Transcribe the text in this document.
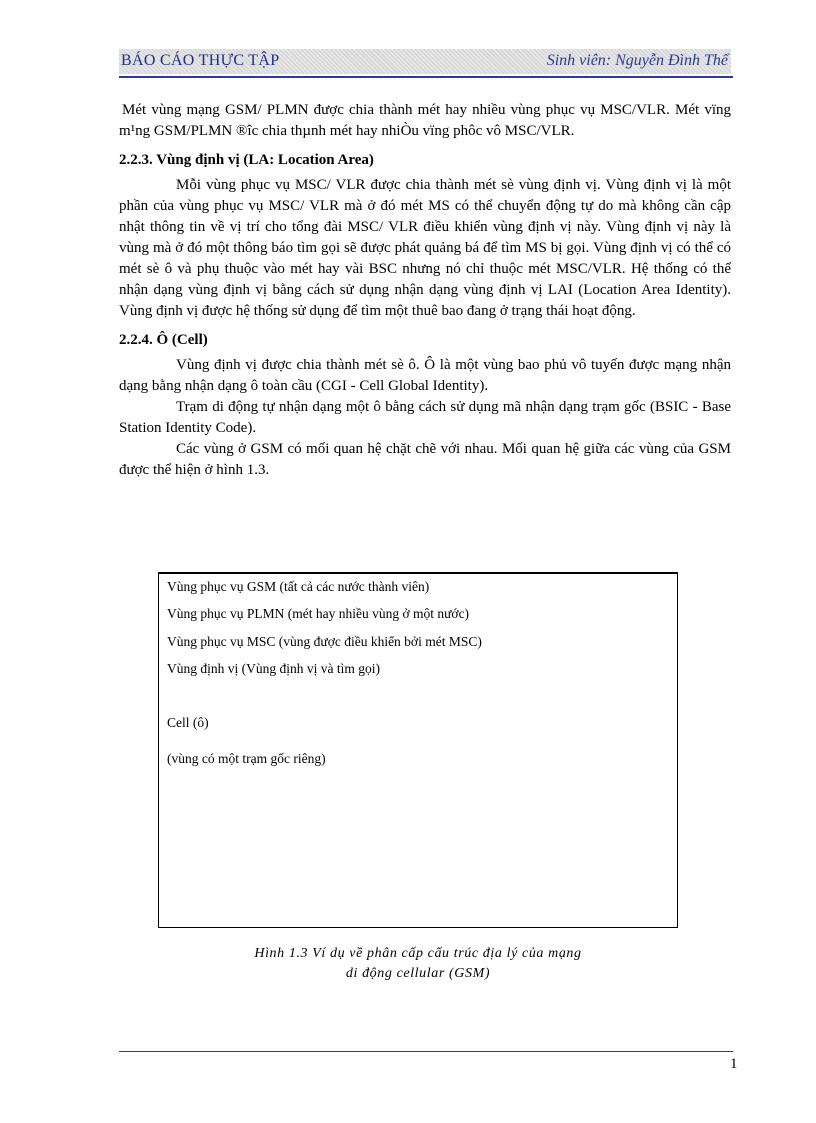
BÁO CÁO THỰC TẬP	Sinh viên: Nguyễn Đình Thể

Mét vùng mạng GSM/ PLMN được chia thành mét hay nhiều vùng phục vụ MSC/VLR. Mét vïng m¹ng GSM/PLMN ®îc chia thµnh mét hay nhiÒu vïng phôc vô MSC/VLR.

2.2.3. Vùng định vị (LA: Location Area)

Mỗi vùng phục vụ MSC/ VLR được chia thành mét sè vùng định vị. Vùng định vị là một phần của vùng phục vụ MSC/ VLR mà ở đó mét MS có thể chuyển động tự do mà không cần cập nhật thông tin về vị trí cho tổng đài MSC/ VLR điều khiển vùng định vị này. Vùng định vị này là vùng mà ở đó một thông báo tìm gọi sẽ được phát quảng bá để tìm MS bị gọi. Vùng định vị có thể có mét sè ô và phụ thuộc vào mét hay vài BSC nhưng nó chỉ thuộc mét MSC/VLR. Hệ thống có thể nhận dạng vùng định vị bằng cách sử dụng nhận dạng vùng định vị LAI (Location Area Identity). Vùng định vị được hệ thống sử dụng để tìm một thuê bao đang ở trạng thái hoạt động.

2.2.4. Ô (Cell)

Vùng định vị được chia thành mét sè ô. Ô là một vùng bao phủ vô tuyến được mạng nhận dạng bằng nhận dạng ô toàn cầu (CGI - Cell Global Identity).

Trạm di động tự nhận dạng một ô bằng cách sử dụng mã nhận dạng trạm gốc (BSIC - Base Station Identity Code).

Các vùng ở GSM có mối quan hệ chặt chẽ với nhau. Mối quan hệ giữa các vùng của GSM được thể hiện ở hình 1.3.

Vùng phục vụ GSM (tất cả các nước thành viên)
Vùng phục vụ PLMN (mét hay nhiều vùng ở một nước)
Vùng phục vụ MSC (vùng được điều khiển bởi mét MSC)
Vùng định vị (Vùng định vị và tìm gọi)
Cell (ô)
(vùng có một trạm gốc riêng)
Hình 1.3 Ví dụ về phân cấp cấu trúc địa lý của mạng
di động cellular (GSM)
1
